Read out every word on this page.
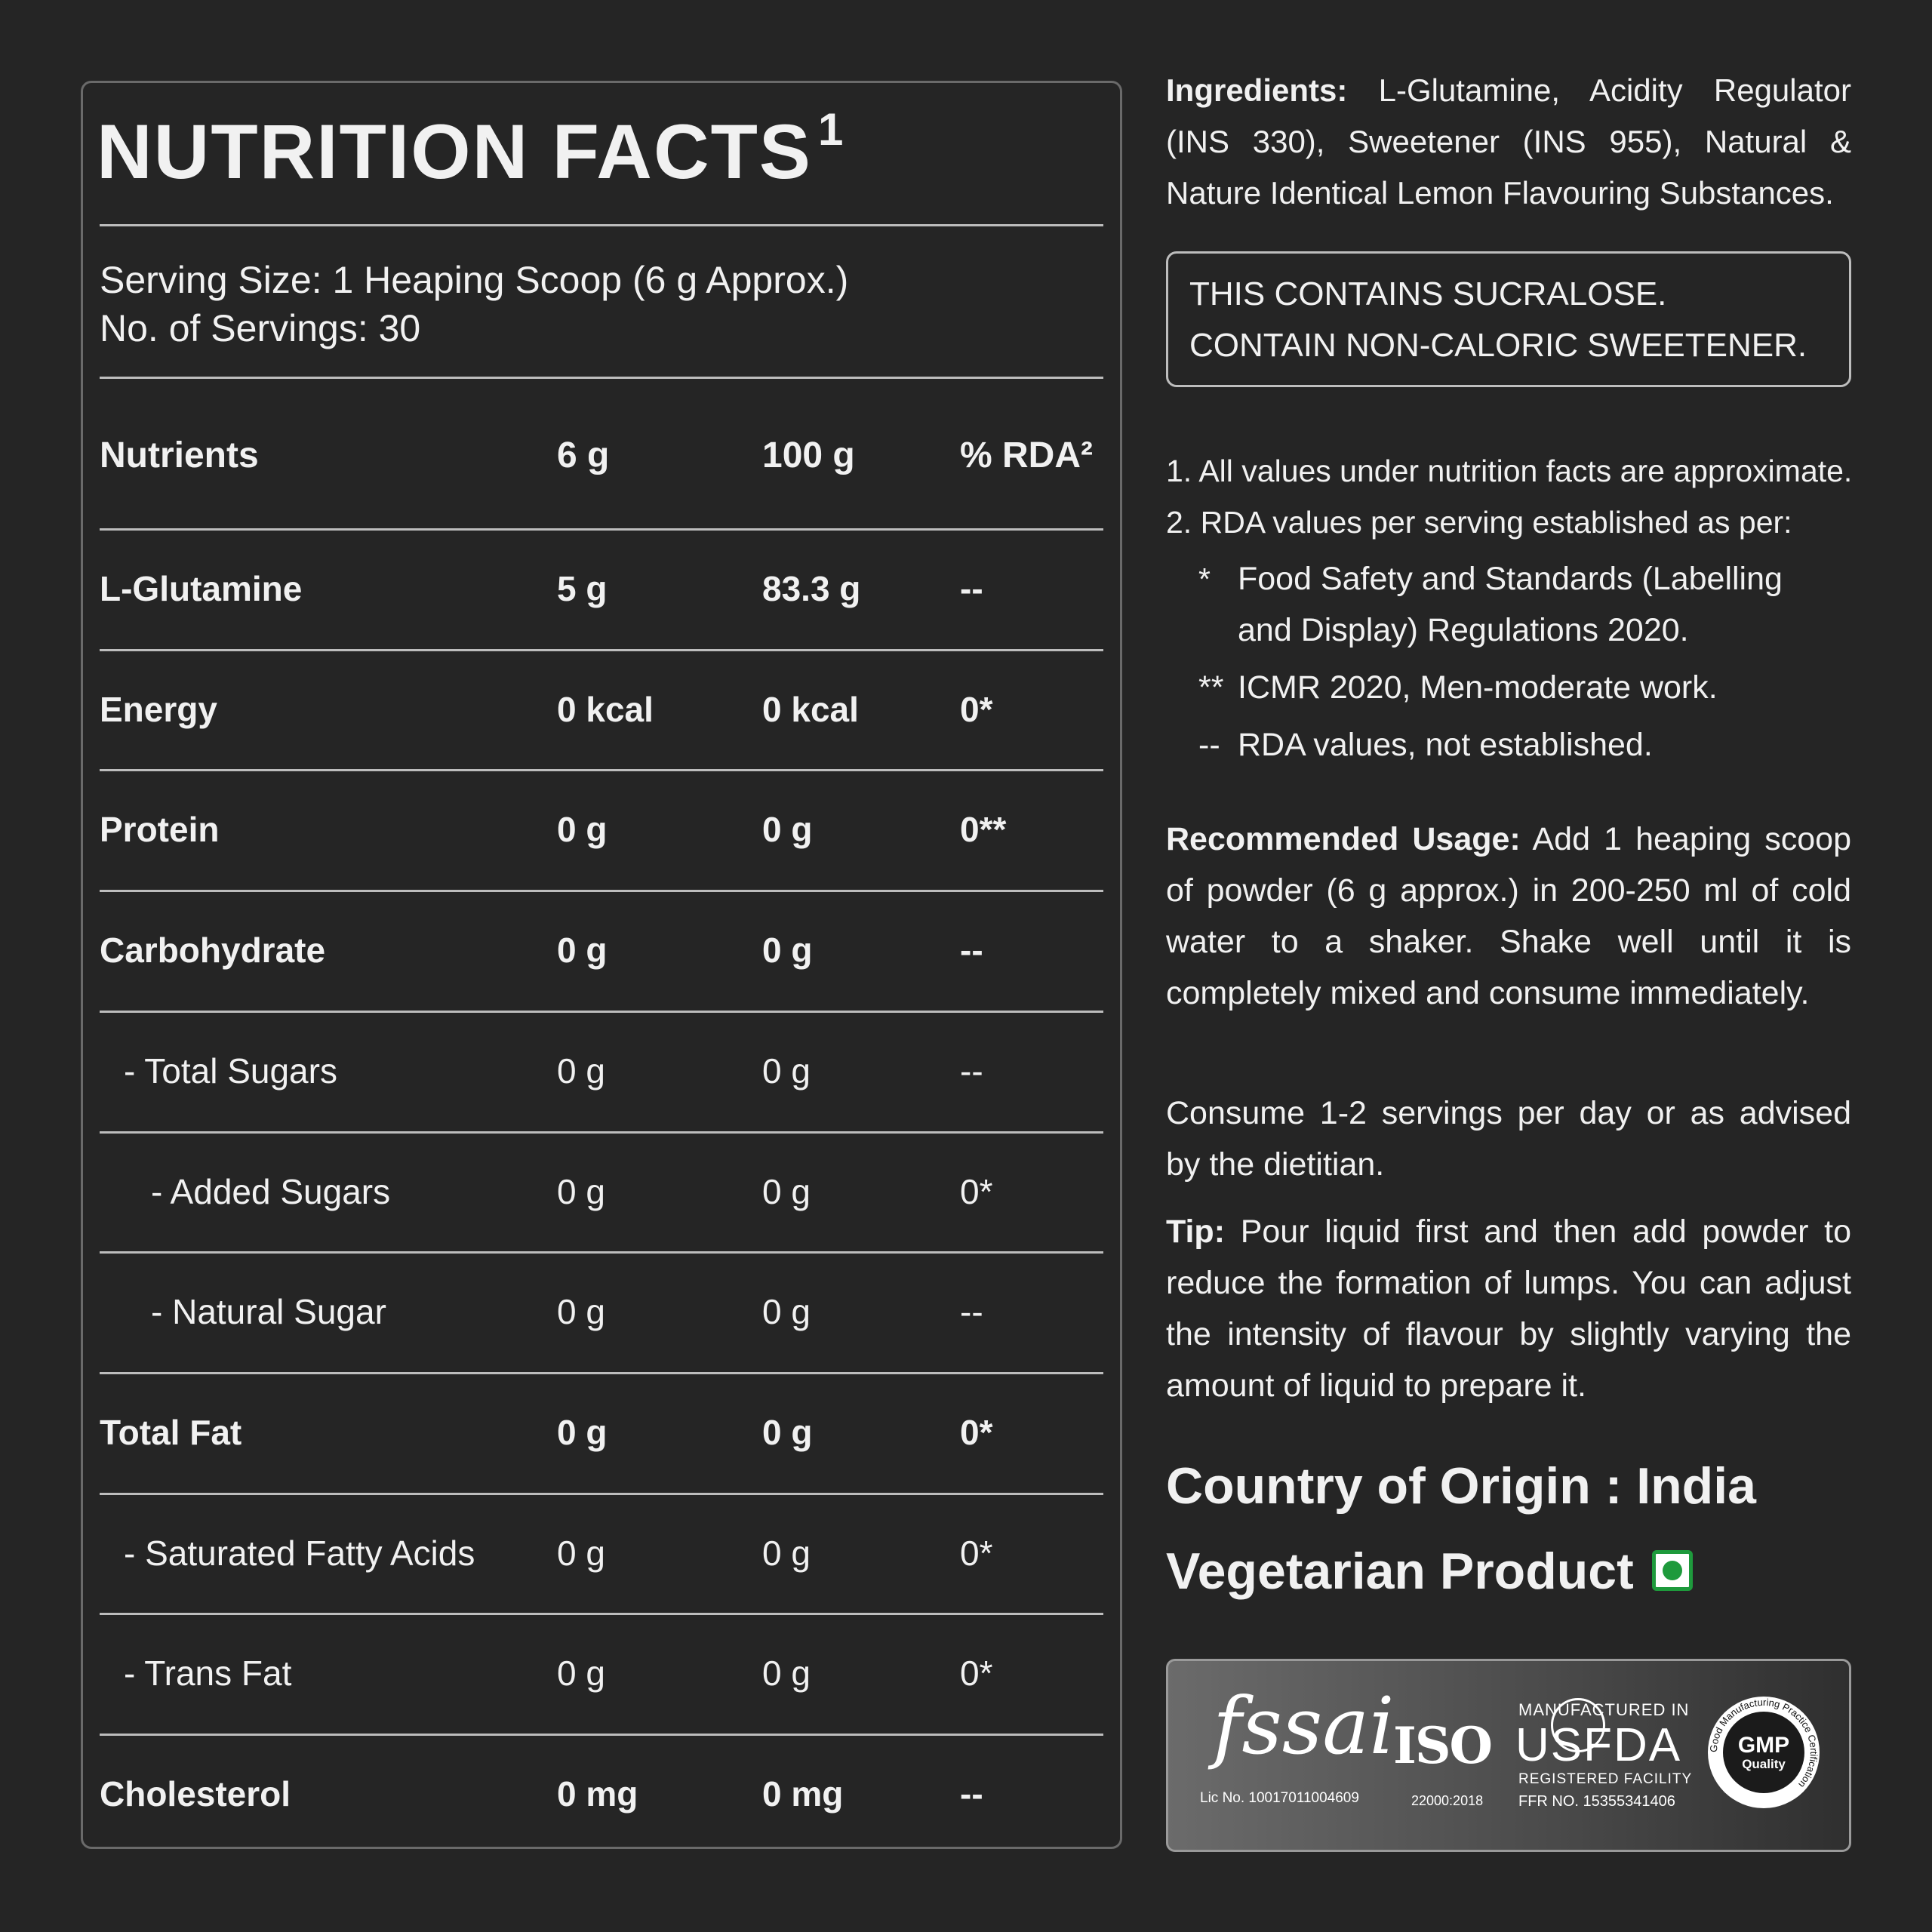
NUTRITION FACTS $^1$
Serving Size: 1 Heaping Scoop (6 g Approx.)
No. of Servings: 30
Nutrients	6 g	100 g	% RDA²
L-Glutamine	5 g	83.3 g	--
Energy	0 kcal	0 kcal	0*
Protein	0 g	0 g	0**
Carbohydrate	0 g	0 g	--
- Total Sugars	0 g	0 g	--
- Added Sugars	0 g	0 g	0*
- Natural Sugar	0 g	0 g	--
Total Fat	0 g	0 g	0*
- Saturated Fatty Acids 0 g	0 g	0*
- Trans Fat	0 g	0 g	0*
Cholesterol	0 mg	0 mg	--
Ingredients: L-Glutamine, Acidity Regulator (INS 330), Sweetener (INS 955), Natural & Nature Identical Lemon Flavouring Substances.
THIS CONTAINS SUCRALOSE.
CONTAIN NON-CALORIC SWEETENER.
1. All values under nutrition facts are approximate.
2. RDA values per serving established as per:
* Food Safety and Standards (Labelling
and Display) Regulations 2020.
** ICMR 2020, Men-moderate work.
-- RDA values, not established.
Recommended Usage: Add 1 heaping scoop of powder (6 g approx.) in 200-250 ml of cold water to a shaker. Shake well until it is completely mixed and consume immediately.
Consume 1-2 servings per day or as advised by the dietitian.
Tip: Pour liquid first and then add powder to reduce the formation of lumps. You can adjust the intensity of flavour by slightly varying the amount of liquid to prepare it.
Country of Origin : India
Vegetarian Product
fssai
Lic No. 10017011004609
ISO
22000:2018
MANUFACTURED IN
USFDA
REGISTERED FACILITY
FFR NO. 15355341406
Good Manufacturing Practice Certification
GMP
Quality
